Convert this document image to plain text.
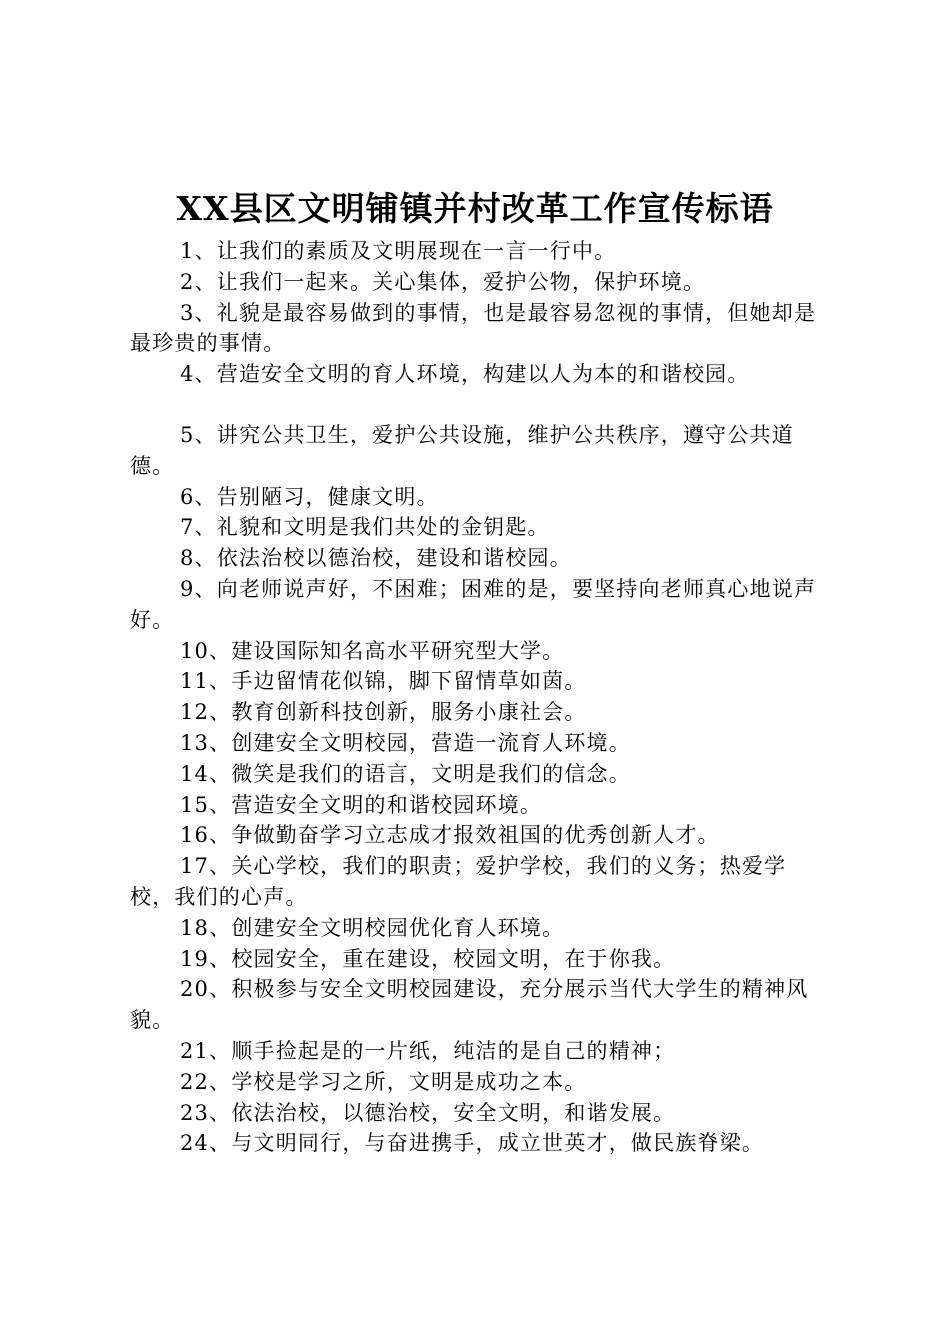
XX县区文明铺镇并村改革工作宣传标语

1、让我们的素质及文明展现在一言一行中。

2、让我们一起来。关心集体，爱护公物，保护环境。

3、礼貌是最容易做到的事情，也是最容易忽视的事情，但她却是最珍贵的事情。

4、营造安全文明的育人环境，构建以人为本的和谐校园。

5、讲究公共卫生，爱护公共设施，维护公共秩序，遵守公共道德。

6、告别陋习，健康文明。

7、礼貌和文明是我们共处的金钥匙。

8、依法治校以德治校，建设和谐校园。

9、向老师说声好，不困难；困难的是，要坚持向老师真心地说声好。

10、建设国际知名高水平研究型大学。

11、手边留情花似锦，脚下留情草如茵。

12、教育创新科技创新，服务小康社会。

13、创建安全文明校园，营造一流育人环境。

14、微笑是我们的语言，文明是我们的信念。

15、营造安全文明的和谐校园环境。

16、争做勤奋学习立志成才报效祖国的优秀创新人才。

17、关心学校，我们的职责；爱护学校，我们的义务；热爱学校，我们的心声。

18、创建安全文明校园优化育人环境。

19、校园安全，重在建设，校园文明，在于你我。

20、积极参与安全文明校园建设，充分展示当代大学生的精神风貌。

21、顺手捡起是的一片纸，纯洁的是自己的精神；

22、学校是学习之所，文明是成功之本。

23、依法治校，以德治校，安全文明，和谐发展。

24、与文明同行，与奋进携手，成立世英才，做民族脊梁。
